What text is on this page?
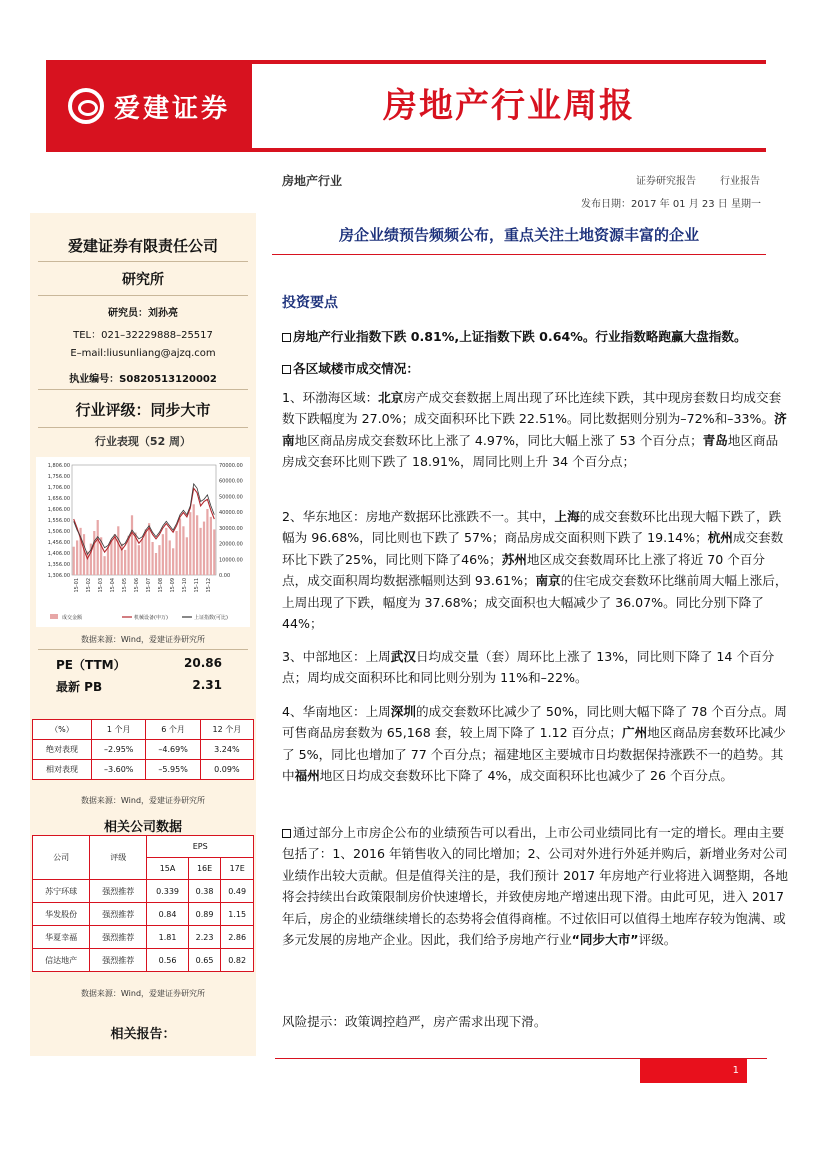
爱建证券	房地产行业周报
房地产行业	证券研究报告 行业报告
发布日期：2017 年 01 月 23 日 星期一
爱建证券有限责任公司
研究所
研究员：刘孙亮
TEL：021–32229888–25517
E–mail:liusunliang@ajzq.com
执业编号：S0820513120002
行业评级：同步大市
行业表现（52 周）
1,806.00
1,756.00
1,706.00
1,656.00
1,606.00
1,556.00
1,506.00
1,456.00
1,406.00
1,356.00
1,306.00
70000.00
60000.00
50000.00
40000.00
30000.00
20000.00
10000.00
0.00
15-01 15-02 15-03 15-04 15-05 15-06 15-07 15-08 15-09 15-10 15-11 15-12
成交金额	机械设备(申万)	上证指数(可比)
数据来源：Wind，爱建证券研究所
PE（TTM）	20.86
最新 PB	2.31
（%）	1 个月	6 个月	12 个月
绝对表现	–2.95%	–4.69%	3.24%
相对表现	–3.60%	–5.95%	0.09%
数据来源：Wind，爱建证券研究所
相关公司数据
公司	评级	EPS		
		15A	16E	17E
苏宁环球	强烈推荐	0.339	0.38	0.49
华发股份	强烈推荐	0.84	0.89	1.15
华夏幸福	强烈推荐	1.81	2.23	2.86
信达地产	强烈推荐	0.56	0.65	0.82
数据来源：Wind，爱建证券研究所
相关报告：
房企业绩预告频频公布，重点关注土地资源丰富的企业
投资要点
房地产行业指数下跌 0.81%,上证指数下跌 0.64%。行业指数略跑赢大盘指数。
各区域楼市成交情况：
1、环渤海区域：北京房产成交套数据上周出现了环比连续下跌，其中现房套数日均成交套数下跌幅度为 27.0%；成交面积环比下跌 22.51%。同比数据则分别为–72%和–33%。济南地区商品房成交套数环比上涨了 4.97%，同比大幅上涨了 53 个百分点；青岛地区商品房成交套环比则下跌了 18.91%，周同比则上升 34 个百分点；
2、华东地区：房地产数据环比涨跌不一。其中，上海的成交套数环比出现大幅下跌了，跌幅为 96.68%，同比则也下跌了 57%；商品房成交面积则下跌了 19.14%；杭州成交套数环比下跌了25%，同比则下降了46%；苏州地区成交套数周环比上涨了将近 70 个百分点，成交面积周均数据涨幅则达到 93.61%；南京的住宅成交套数环比继前周大幅上涨后，上周出现了下跌，幅度为 37.68%；成交面积也大幅减少了 36.07%。同比分别下降了 44%；
3、中部地区：上周武汉日均成交量（套）周环比上涨了 13%，同比则下降了 14 个百分点；周均成交面积环比和同比则分别为 11%和–22%。
4、华南地区：上周深圳的成交套数环比减少了 50%，同比则大幅下降了 78 个百分点。周可售商品房套数为 65,168 套，较上周下降了 1.12 百分点；广州地区商品房套数环比减少了 5%，同比也增加了 77 个百分点；福建地区主要城市日均数据保持涨跌不一的趋势。其中福州地区日均成交套数环比下降了 4%，成交面积环比也减少了 26 个百分点。
通过部分上市房企公布的业绩预告可以看出，上市公司业绩同比有一定的增长。理由主要包括了：1、2016 年销售收入的同比增加；2、公司对外进行外延并购后，新增业务对公司业绩作出较大贡献。但是值得关注的是，我们预计 2017 年房地产行业将进入调整期，各地将会持续出台政策限制房价快速增长，并致使房地产增速出现下滑。由此可见，进入 2017 年后，房企的业绩继续增长的态势将会值得商榷。不过依旧可以值得土地库存较为饱满、或多元发展的房地产企业。因此，我们给予房地产行业“同步大市”评级。
风险提示：政策调控趋严，房产需求出现下滑。
1
